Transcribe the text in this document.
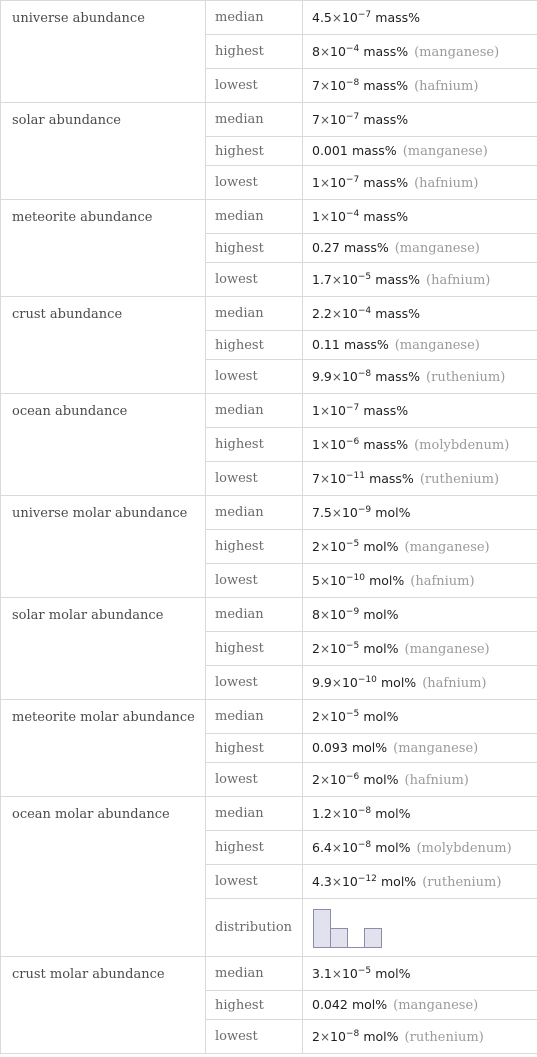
universe abundance	median	$4.5\times 10^{-7}$ mass%
	highest	$8\times 10^{-4}$ mass% (manganese)
	lowest	$7\times 10^{-8}$ mass% (hafnium)
solar abundance	median	$7\times 10^{-7}$ mass%
	highest	0.001 mass% (manganese)
	lowest	$1\times 10^{-7}$ mass% (hafnium)
meteorite abundance	median	$1\times 10^{-4}$ mass%
	highest	0.27 mass% (manganese)
	lowest	$1.7\times 10^{-5}$ mass% (hafnium)
crust abundance	median	$2.2\times 10^{-4}$ mass%
	highest	0.11 mass% (manganese)
	lowest	$9.9\times 10^{-8}$ mass% (ruthenium)
ocean abundance	median	$1\times 10^{-7}$ mass%
	highest	$1\times 10^{-6}$ mass% (molybdenum)
	lowest	$7\times 10^{-11}$ mass% (ruthenium)
universe molar abundance	median	$7.5\times 10^{-9}$ mol%
	highest	$2\times 10^{-5}$ mol% (manganese)
	lowest	$5\times 10^{-10}$ mol% (hafnium)
solar molar abundance	median	$8\times 10^{-9}$ mol%
	highest	$2\times 10^{-5}$ mol% (manganese)
	lowest	$9.9\times 10^{-10}$ mol% (hafnium)
meteorite molar abundance	median	$2\times 10^{-5}$ mol%
	highest	0.093 mol% (manganese)
	lowest	$2\times 10^{-6}$ mol% (hafnium)
ocean molar abundance	median	$1.2\times 10^{-8}$ mol%
	highest	$6.4\times 10^{-8}$ mol% (molybdenum)
	lowest	$4.3\times 10^{-12}$ mol% (ruthenium)
	distribution	

crust molar abundance	median	$3.1\times 10^{-5}$ mol%
	highest	0.042 mol% (manganese)
	lowest	$2\times 10^{-8}$ mol% (ruthenium)
